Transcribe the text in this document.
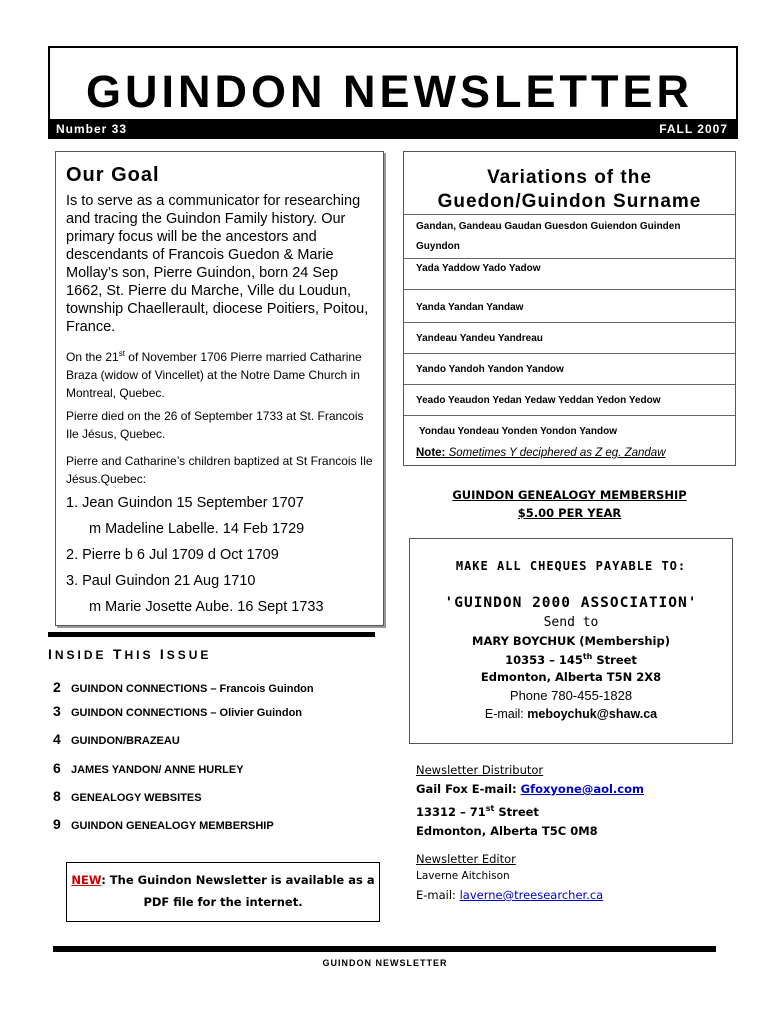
GUINDON NEWSLETTER
Number 33	FALL 2007
Our Goal
Is to serve as a communicator for researching and tracing the Guindon Family history. Our primary focus will be the ancestors and descendants of Francois Guedon & Marie Mollay’s son, Pierre Guindon, born 24 Sep 1662, St. Pierre du Marche, Ville du Loudun, township Chaellerault, diocese Poitiers, Poitou, France.
On the 21st of November 1706 Pierre married Catharine Braza (widow of Vincellet) at the Notre Dame Church in Montreal, Quebec.
Pierre died on the 26 of September 1733 at St. Francois Ile Jésus, Quebec.
Pierre and Catharine’s children baptized at St Francois Ile Jésus.Quebec:
1. Jean Guindon 15 September 1707
m Madeline Labelle. 14 Feb 1729
2. Pierre b 6 Jul 1709 d Oct 1709
3. Paul Guindon 21 Aug 1710
m Marie Josette Aube. 16 Sept 1733
INSIDE THIS ISSUE
2 GUINDON CONNECTIONS – Francois Guindon
3 GUINDON CONNECTIONS – Olivier Guindon
4 GUINDON/BRAZEAU
6 JAMES YANDON/ ANNE HURLEY
8 GENEALOGY WEBSITES
9 GUINDON GENEALOGY MEMBERSHIP
NEW: The Guindon Newsletter is available as a
PDF file for the internet.
Variations of the
Guedon/Guindon Surname
Gandan, Gandeau Gaudan Guesdon Guiendon Guinden
Guyndon
Yada Yaddow Yado Yadow
Yanda Yandan Yandaw
Yandeau Yandeu Yandreau
Yando Yandoh Yandon Yandow
Yeado Yeaudon Yedan Yedaw Yeddan Yedon Yedow
Yondau Yondeau Yonden Yondon Yandow
Note: Sometimes Y deciphered as Z eg. Zandaw
GUINDON GENEALOGY MEMBERSHIP
$5.00 PER YEAR
MAKE ALL CHEQUES PAYABLE TO:
'GUINDON 2000 ASSOCIATION'
Send to
MARY BOYCHUK (Membership)
10353 – 145th Street
Edmonton, Alberta T5N 2X8
Phone 780-455-1828
E-mail: meboychuk@shaw.ca
Newsletter Distributor
Gail Fox E-mail: Gfoxyone@aol.com
13312 – 71st Street
Edmonton, Alberta T5C 0M8
Newsletter Editor
Laverne Aitchison
E-mail: laverne@treesearcher.ca
GUINDON NEWSLETTER
